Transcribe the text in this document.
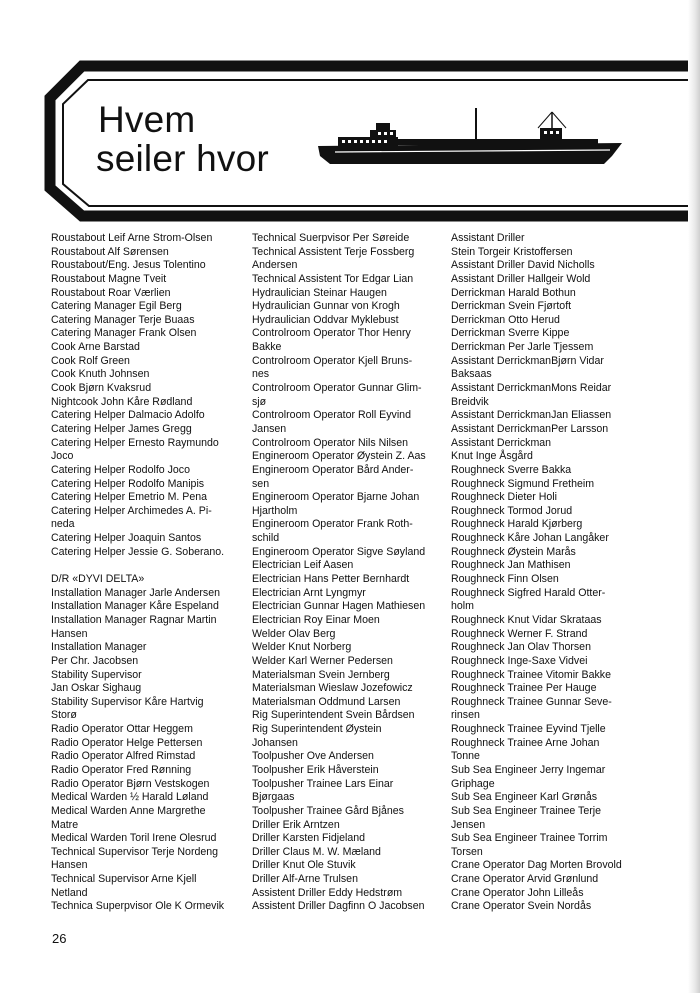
Hvem
seiler hvor
Roustabout Leif Arne Strom-Olsen
Roustabout Alf Sørensen
Roustabout/Eng. Jesus Tolentino
Roustabout Magne Tveit
Roustabout Roar Værlien
Catering Manager Egil Berg
Catering Manager Terje Buaas
Catering Manager Frank Olsen
Cook Arne Barstad
Cook Rolf Green
Cook Knuth Johnsen
Cook Bjørn Kvaksrud
Nightcook John Kåre Rødland
Catering Helper Dalmacio Adolfo
Catering Helper James Gregg
Catering Helper Ernesto Raymundo
Joco
Catering Helper Rodolfo Joco
Catering Helper Rodolfo Manipis
Catering Helper Emetrio M. Pena
Catering Helper Archimedes A. Pi-
neda
Catering Helper Joaquin Santos
Catering Helper Jessie G. Soberano.
D/R «DYVI DELTA»
Installation Manager Jarle Andersen
Installation Manager Kåre Espeland
Installation Manager Ragnar Martin
Hansen
Installation Manager
Per Chr. Jacobsen
Stability Supervisor
Jan Oskar Sighaug
Stability Supervisor Kåre Hartvig
Storø
Radio Operator Ottar Heggem
Radio Operator Helge Pettersen
Radio Operator Alfred Rimstad
Radio Operator Fred Rønning
Radio Operator Bjørn Vestskogen
Medical Warden ½ Harald Løland
Medical Warden Anne Margrethe
Matre
Medical Warden Toril Irene Olesrud
Technical Supervisor Terje Nordeng
Hansen
Technical Supervisor Arne Kjell
Netland
Technica Superpvisor Ole K Ormevik
Technical Suerpvisor Per Søreide
Technical Assistent Terje Fossberg
Andersen
Technical Assistent Tor Edgar Lian
Hydraulician Steinar Haugen
Hydraulician Gunnar von Krogh
Hydraulician Oddvar Myklebust
Controlroom Operator Thor Henry
Bakke
Controlroom Operator Kjell Bruns-
nes
Controlroom Operator Gunnar Glim-
sjø
Controlroom Operator Roll Eyvind
Jansen
Controlroom Operator Nils Nilsen
Engineroom Operator Øystein Z. Aas
Engineroom Operator Bård Ander-
sen
Engineroom Operator Bjarne Johan
Hjartholm
Engineroom Operator Frank Roth-
schild
Engineroom Operator Sigve Søyland
Electrician Leif Aasen
Electrician Hans Petter Bernhardt
Electrician Arnt Lyngmyr
Electrician Gunnar Hagen Mathiesen
Electrician Roy Einar Moen
Welder Olav Berg
Welder Knut Norberg
Welder Karl Werner Pedersen
Materialsman Svein Jernberg
Materialsman Wieslaw Jozefowicz
Materialsman Oddmund Larsen
Rig Superintendent Svein Bårdsen
Rig Superintendent Øystein
Johansen
Toolpusher Ove Andersen
Toolpusher Erik Håverstein
Toolpusher Trainee Lars Einar
Bjørgaas
Toolpusher Trainee Gård Bjånes
Driller Erik Arntzen
Driller Karsten Fidjeland
Driller Claus M. W. Mæland
Driller Knut Ole Stuvik
Driller Alf-Arne Trulsen
Assistent Driller Eddy Hedstrøm
Assistent Driller Dagfinn O Jacobsen
Assistant Driller
Stein Torgeir Kristoffersen
Assistant Driller David Nicholls
Assistant Driller Hallgeir Wold
Derrickman Harald Bothun
Derrickman Svein Fjørtoft
Derrickman Otto Herud
Derrickman Sverre Kippe
Derrickman Per Jarle Tjessem
Assistant DerrickmanBjørn Vidar
Baksaas
Assistant DerrickmanMons Reidar
Breidvik
Assistant DerrickmanJan Eliassen
Assistant DerrickmanPer Larsson
Assistant Derrickman
Knut Inge Åsgård
Roughneck Sverre Bakka
Roughneck Sigmund Fretheim
Roughneck Dieter Holi
Roughneck Tormod Jorud
Roughneck Harald Kjørberg
Roughneck Kåre Johan Langåker
Roughneck Øystein Marås
Roughneck Jan Mathisen
Roughneck Finn Olsen
Roughneck Sigfred Harald Otter-
holm
Roughneck Knut Vidar Skrataas
Roughneck Werner F. Strand
Roughneck Jan Olav Thorsen
Roughneck Inge-Saxe Vidvei
Roughneck Trainee Vitomir Bakke
Roughneck Trainee Per Hauge
Roughneck Trainee Gunnar Seve-
rinsen
Roughneck Trainee Eyvind Tjelle
Roughneck Trainee Arne Johan
Tonne
Sub Sea Engineer Jerry Ingemar
Griphage
Sub Sea Engineer Karl Grønås
Sub Sea Engineer Trainee Terje
Jensen
Sub Sea Engineer Trainee Torrim
Torsen
Crane Operator Dag Morten Brovold
Crane Operator Arvid Grønlund
Crane Operator John Lilleås
Crane Operator Svein Nordås
26
